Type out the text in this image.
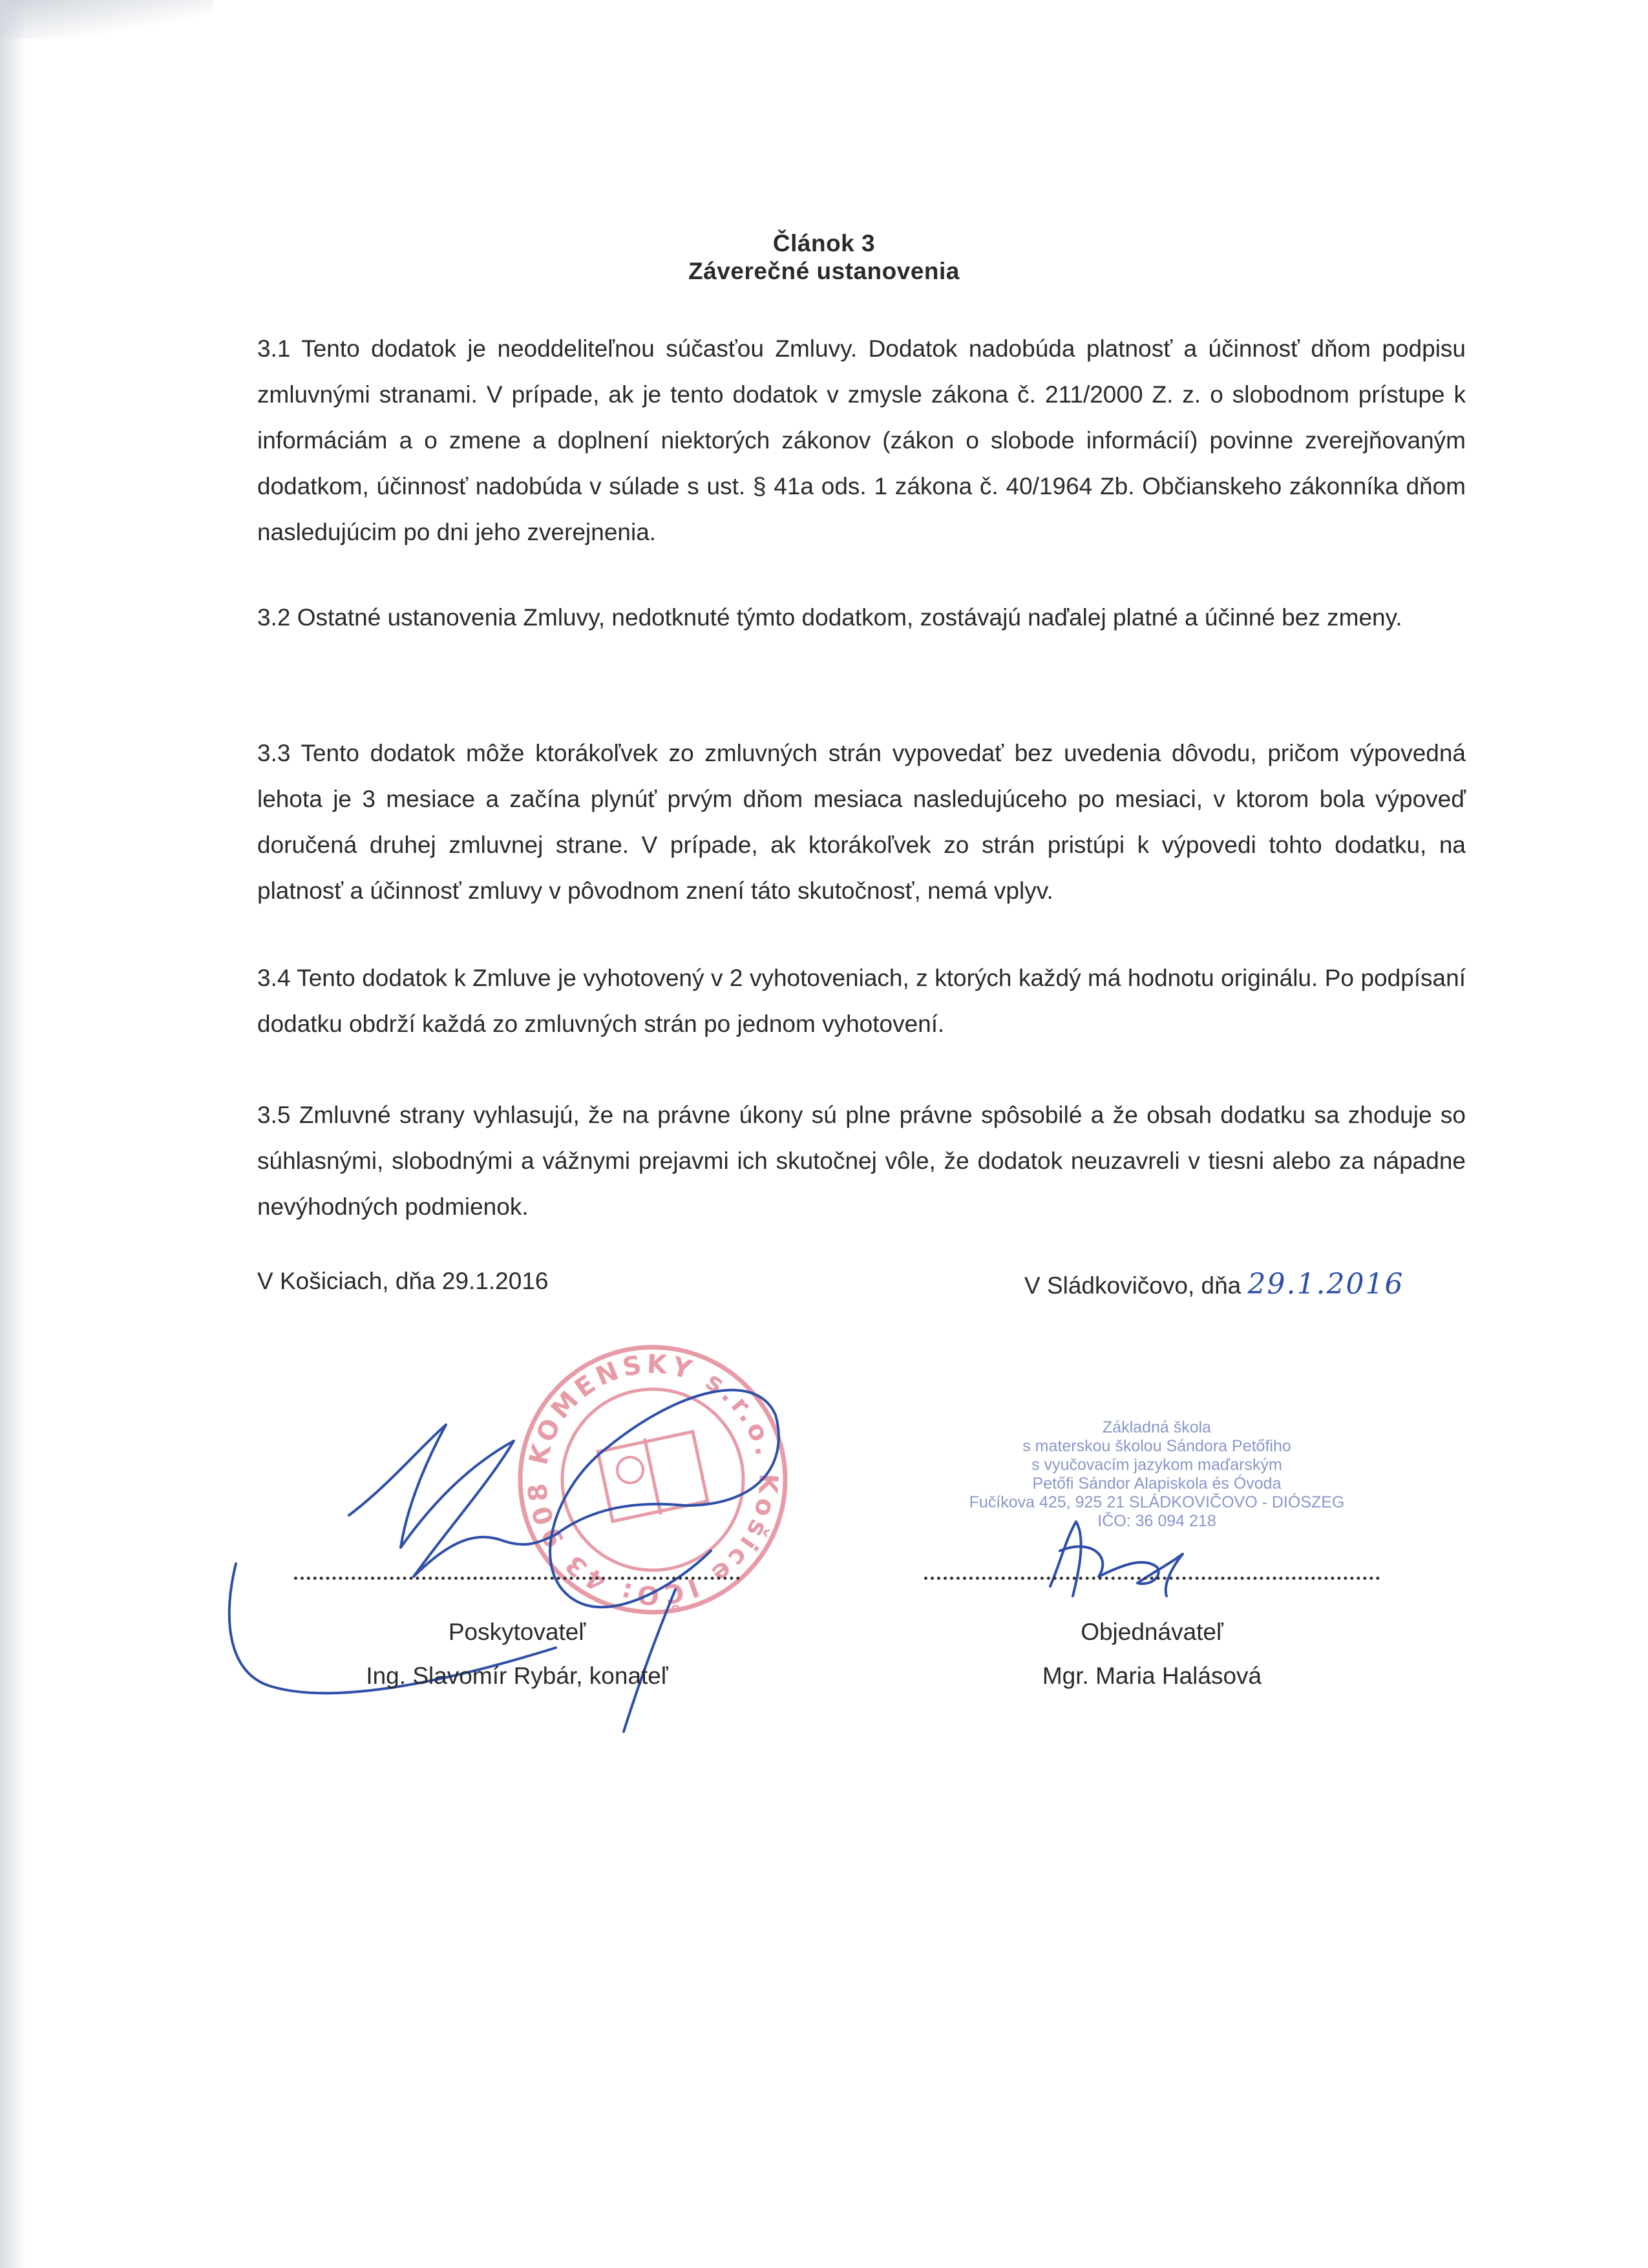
Článok 3
Záverečné ustanovenia
3.1 Tento dodatok je neoddeliteľnou súčasťou Zmluvy. Dodatok nadobúda platnosť a účinnosť dňom podpisu zmluvnými stranami. V prípade, ak je tento dodatok v zmysle zákona č. 211/2000 Z. z. o slobodnom prístupe k informáciám a o zmene a doplnení niektorých zákonov (zákon o slobode informácií) povinne zverejňovaným dodatkom, účinnosť nadobúda v súlade s ust. § 41a ods. 1 zákona č. 40/1964 Zb. Občianskeho zákonníka dňom nasledujúcim po dni jeho zverejnenia.
3.2 Ostatné ustanovenia Zmluvy, nedotknuté týmto dodatkom, zostávajú naďalej platné a účinné bez zmeny.
3.3 Tento dodatok môže ktorákoľvek zo zmluvných strán vypovedať bez uvedenia dôvodu, pričom výpovedná lehota je 3 mesiace a začína plynúť prvým dňom mesiaca nasledujúceho po mesiaci, v ktorom bola výpoveď doručená druhej zmluvnej strane. V prípade, ak ktorákoľvek zo strán pristúpi k výpovedi tohto dodatku, na platnosť a účinnosť zmluvy v pôvodnom znení táto skutočnosť, nemá vplyv.
3.4 Tento dodatok k Zmluve je vyhotovený v 2 vyhotoveniach, z ktorých každý má hodnotu originálu. Po podpísaní dodatku obdrží každá zo zmluvných strán po jednom vyhotovení.
3.5 Zmluvné strany vyhlasujú, že na právne úkony sú plne právne spôsobilé a že obsah dodatku sa zhoduje so súhlasnými, slobodnými a vážnymi prejavmi ich skutočnej vôle, že dodatok neuzavreli v tiesni alebo za nápadne nevýhodných podmienok.
V Košiciach, dňa 29.1.2016	V Sládkovičovo, dňa 29.1.2016
Základná škola
s materskou školou Sándora Petőfiho
s vyučovacím jazykom maďarským
Petőfi Sándor Alapiskola és Óvoda
Fučíkova 425, 925 21 SLÁDKOVIČOVO - DIÓSZEG
IČO: 36 094 218
KOMENSKY s.r.o. Košice IČO: 43 908
Poskytovateľ	Objednávateľ
Ing. Slavomír Rybár, konateľ	Mgr. Maria Halásová
